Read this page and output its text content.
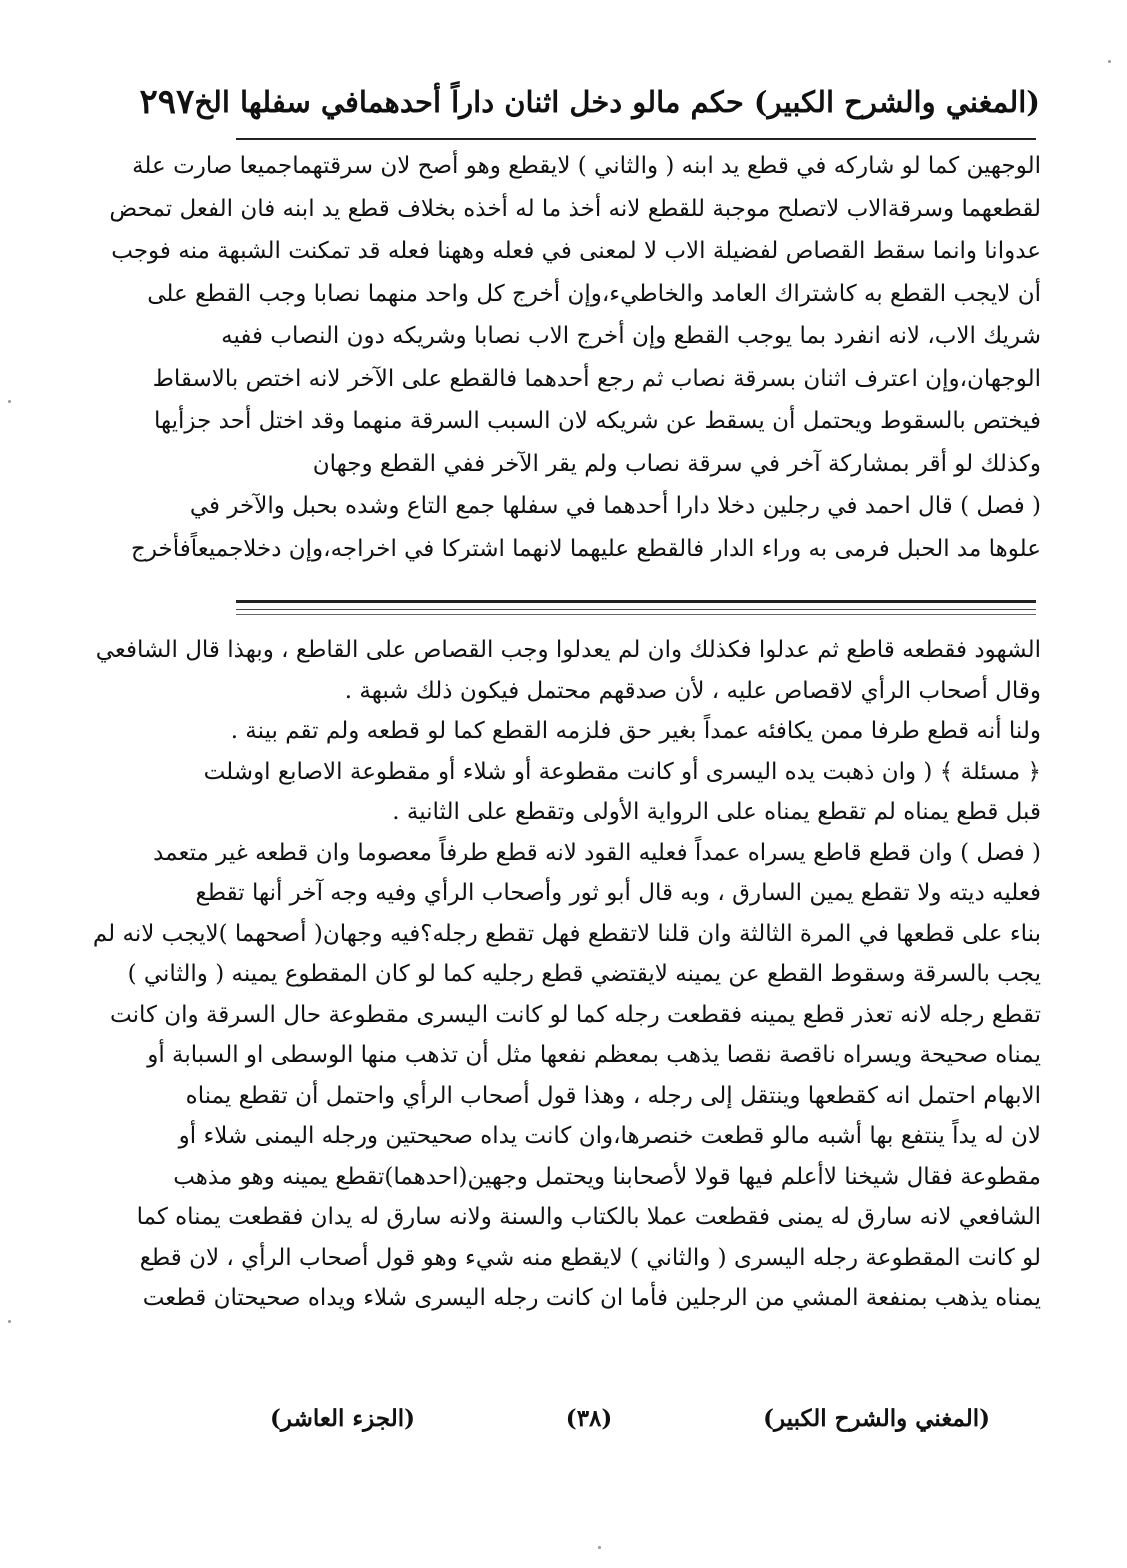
(المغني والشرح الكبير) حكم مالو دخل اثنان داراً أحدهمافي سفلها الخ
٢٩٧

الوجهين كما لو شاركه في قطع يد ابنه ( والثاني ) لايقطع وهو أصح لان سرقتهماجميعا صارت علة

لقطعهما وسرقةالاب لاتصلح موجبة للقطع لانه أخذ ما له أخذه بخلاف قطع يد ابنه فان الفعل تمحض

عدوانا وانما سقط القصاص لفضيلة الاب لا لمعنى في فعله وههنا فعله قد تمكنت الشبهة منه فوجب

أن لايجب القطع به كاشتراك العامد والخاطيء،وإن أخرج كل واحد منهما نصابا وجب القطع على

شريك الاب، لانه انفرد بما يوجب القطع وإن أخرج الاب نصابا وشريكه دون النصاب ففيه

الوجهان،وإن اعترف اثنان بسرقة نصاب ثم رجع أحدهما فالقطع على الآخر لانه اختص بالاسقاط

فيختص بالسقوط ويحتمل أن يسقط عن شريكه لان السبب السرقة منهما وقد اختل أحد جزأيها

وكذلك لو أقر بمشاركة آخر في سرقة نصاب ولم يقر الآخر ففي القطع وجهان

( فصل ) قال احمد في رجلين دخلا دارا أحدهما في سفلها جمع التاع وشده بحبل والآخر في

علوها مد الحبل فرمى به وراء الدار فالقطع عليهما لانهما اشتركا في اخراجه،وإن دخلاجميعاًفأخرج

الشهود فقطعه قاطع ثم عدلوا فكذلك وان لم يعدلوا وجب القصاص على القاطع ، وبهذا قال الشافعي

وقال أصحاب الرأي لاقصاص عليه ، لأن صدقهم محتمل فيكون ذلك شبهة .

ولنا أنه قطع طرفا ممن يكافئه عمداً بغير حق فلزمه القطع كما لو قطعه ولم تقم بينة .

﴿ مسئلة ﴾ ( وان ذهبت يده اليسرى أو كانت مقطوعة أو شلاء أو مقطوعة الاصابع اوشلت

قبل قطع يمناه لم تقطع يمناه على الرواية الأولى وتقطع على الثانية .

( فصل ) وان قطع قاطع يسراه عمداً فعليه القود لانه قطع طرفاً معصوما وان قطعه غير متعمد

فعليه ديته ولا تقطع يمين السارق ، وبه قال أبو ثور وأصحاب الرأي وفيه وجه آخر أنها تقطع

بناء على قطعها في المرة الثالثة وان قلنا لاتقطع فهل تقطع رجله؟فيه وجهان( أصحهما )لايجب لانه لم

يجب بالسرقة وسقوط القطع عن يمينه لايقتضي قطع رجليه كما لو كان المقطوع يمينه ( والثاني )

تقطع رجله لانه تعذر قطع يمينه فقطعت رجله كما لو كانت اليسرى مقطوعة حال السرقة وان كانت

يمناه صحيحة ويسراه ناقصة نقصا يذهب بمعظم نفعها مثل أن تذهب منها الوسطى او السبابة أو

الابهام احتمل انه كقطعها وينتقل إلى رجله ، وهذا قول أصحاب الرأي واحتمل أن تقطع يمناه

لان له يداً ينتفع بها أشبه مالو قطعت خنصرها،وان كانت يداه صحيحتين ورجله اليمنى شلاء أو

مقطوعة فقال شيخنا لاأعلم فيها قولا لأصحابنا ويحتمل وجهين(احدهما)تقطع يمينه وهو مذهب

الشافعي لانه سارق له يمنى فقطعت عملا بالكتاب والسنة ولانه سارق له يدان فقطعت يمناه كما

لو كانت المقطوعة رجله اليسرى ( والثاني ) لايقطع منه شيء وهو قول أصحاب الرأي ، لان قطع

يمناه يذهب بمنفعة المشي من الرجلين فأما ان كانت رجله اليسرى شلاء ويداه صحيحتان قطعت

(المغني والشرح الكبير)
(٣٨)
(الجزء العاشر)
